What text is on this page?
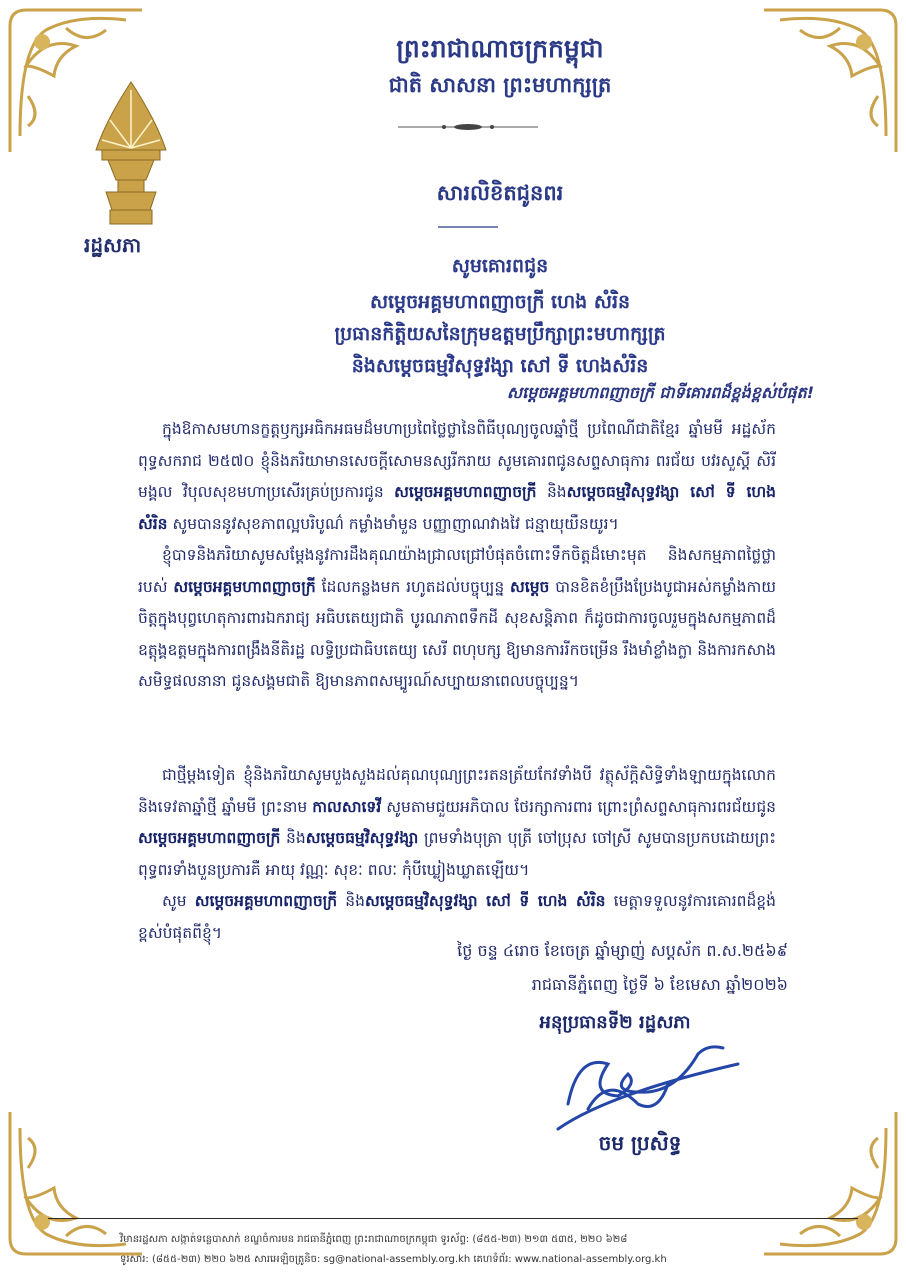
រដ្ឋសភា
ព្រះរាជាណាចក្រកម្ពុជា
ជាតិ សាសនា ព្រះមហាក្សត្រ
សារលិខិតជូនពរ
សូមគោរពជូន
សម្តេចអគ្គមហាពញាចក្រី ហេង សំរិន
ប្រធានកិត្តិយសនៃក្រុមឧត្តមប្រឹក្សាព្រះមហាក្សត្រ
និងសម្តេចធម្មវិសុទ្ធវង្សា សៅ ទី ហេងសំរិន
សម្តេចអគ្គមហាពញាចក្រី ជាទីគោរពដ៏ខ្ពង់ខ្ពស់បំផុត!
ក្នុងឱកាសមហានក្ខត្តឫក្សអធិកអធមដ៏មហាប្រពៃថ្លៃថ្លានៃពិធីបុណ្យចូលឆ្នាំថ្មី ប្រពៃណីជាតិខ្មែរ ឆ្នាំមមី អដ្ឋស័ក ពុទ្ធសករាជ ២៥៧០ ខ្ញុំនិងភរិយាមានសេចក្តីសោមនស្សរីករាយ សូមគោរពជូនសព្ទសាធុការ ពរជ័យ បវរសួស្តី សិរីមង្គល វិបុលសុខមហាប្រសើរគ្រប់ប្រការជូន សម្តេចអគ្គមហាពញាចក្រី និងសម្តេចធម្មវិសុទ្ធវង្សា សៅ ទី ហេង សំរិន សូមបាននូវសុខភាពល្អបរិបូណ៌ កម្លាំងមាំមួន បញ្ញាញាណវាងវៃ ជន្មាយុយឺនយូរ។
ខ្ញុំបាទនិងភរិយាសូមសម្តែងនូវការដឹងគុណយ៉ាងជ្រាលជ្រៅបំផុតចំពោះទឹកចិត្តដ៏មោះមុត និងសកម្មភាពថ្លៃថ្លារបស់ សម្តេចអគ្គមហាពញាចក្រី ដែលកន្លងមក រហូតដល់បច្ចុប្បន្ន សម្តេច បានខិតខំប្រឹងប្រែងបូជាអស់កម្លាំងកាយចិត្តក្នុងបុព្វហេតុការពារឯករាជ្យ អធិបតេយ្យជាតិ បូរណភាពទឹកដី សុខសន្តិភាព ក៏ដូចជាការចូលរួមក្នុងសកម្មភាពដ៏ឧត្តុង្គឧត្តមក្នុងការពង្រឹងនីតិរដ្ឋ លទ្ធិប្រជាធិបតេយ្យ សេរី ពហុបក្ស ឱ្យមានការរីកចម្រើន រឹងមាំខ្លាំងក្លា និងការកសាងសមិទ្ធផលនានា ជូនសង្គមជាតិ ឱ្យមានភាពសម្បូរណ៍សប្បាយនាពេលបច្ចុប្បន្ន។
ជាថ្មីម្តងទៀត ខ្ញុំនិងភរិយាសូមបួងសួងដល់គុណបុណ្យព្រះរតនត្រ័យកែវទាំងបី វត្ថុស័ក្តិសិទ្ធិទាំងឡាយក្នុងលោក និងទេវតាឆ្នាំថ្មី ឆ្នាំមមី ព្រះនាម កាលសាទេវី សូមតាមជួយអភិបាល ថែរក្សាការពារ ព្រោះព្រំសព្ទសាធុការពរជ័យជូន សម្តេចអគ្គមហាពញាចក្រី និងសម្តេចធម្មវិសុទ្ធវង្សា ព្រមទាំងបុត្រា បុត្រី ចៅប្រុស ចៅស្រី សូមបានប្រកបដោយព្រះពុទ្ធពរទាំងបួនប្រការគឺ អាយុ វណ្ណៈ សុខៈ ពលៈ កុំបីឃ្លៀងឃ្លាតឡើយ។
សូម សម្តេចអគ្គមហាពញាចក្រី និងសម្តេចធម្មវិសុទ្ធវង្សា សៅ ទី ហេង សំរិន មេត្តាទទួលនូវការគោរពដ៏ខ្ពង់ខ្ពស់បំផុតពីខ្ញុំ។
ថ្ងៃ ចន្ទ ៤រោច ខែចេត្រ ឆ្នាំម្សាញ់ សប្តស័ក ព.ស.២៥៦៩
រាជធានីភ្នំពេញ ថ្ងៃទី ៦ ខែមេសា ឆ្នាំ២០២៦
អនុប្រធានទី២ រដ្ឋសភា
ចម ប្រសិទ្ធ
វិមានរដ្ឋសភា សង្កាត់ទន្លេបាសាក់ ខណ្ឌចំការមន រាជធានីភ្នំពេញ ព្រះរាជាណាចក្រកម្ពុជា ទូរស័ព្ទ: (៨៥៥-២៣) ២១៣ ៥៣៥, ២២០ ៦២៨
ទូរសារ: (៨៥៥-២៣) ២២០ ៦២៥ សារអេឡិចត្រូនិច: sg@national-assembly.org.kh គេហទំព័រ: www.national-assembly.org.kh
